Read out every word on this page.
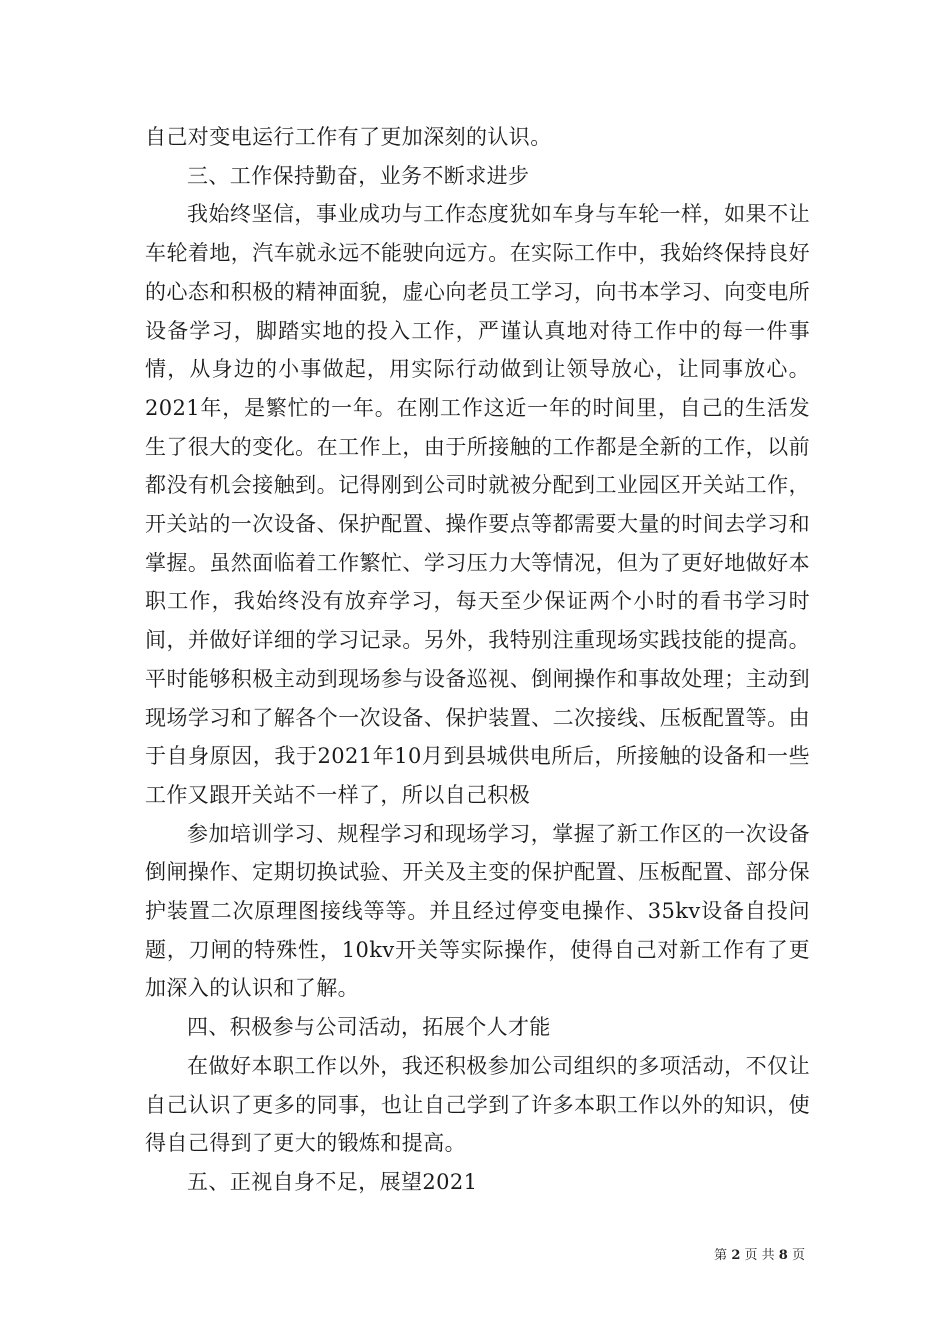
自己对变电运行工作有了更加深刻的认识。

三、工作保持勤奋，业务不断求进步

我始终坚信，事业成功与工作态度犹如车身与车轮一样，如果不让车轮着地，汽车就永远不能驶向远方。在实际工作中，我始终保持良好的心态和积极的精神面貌，虚心向老员工学习，向书本学习、向变电所设备学习，脚踏实地的投入工作，严谨认真地对待工作中的每一件事情，从身边的小事做起，用实际行动做到让领导放心，让同事放心。2021年，是繁忙的一年。在刚工作这近一年的时间里，自己的生活发生了很大的变化。在工作上，由于所接触的工作都是全新的工作，以前都没有机会接触到。记得刚到公司时就被分配到工业园区开关站工作，开关站的一次设备、保护配置、操作要点等都需要大量的时间去学习和掌握。虽然面临着工作繁忙、学习压力大等情况，但为了更好地做好本职工作，我始终没有放弃学习，每天至少保证两个小时的看书学习时间，并做好详细的学习记录。另外，我特别注重现场实践技能的提高。平时能够积极主动到现场参与设备巡视、倒闸操作和事故处理；主动到现场学习和了解各个一次设备、保护装置、二次接线、压板配置等。由于自身原因，我于2021年10月到县城供电所后，所接触的设备和一些工作又跟开关站不一样了，所以自己积极

参加培训学习、规程学习和现场学习，掌握了新工作区的一次设备倒闸操作、定期切换试验、开关及主变的保护配置、压板配置、部分保护装置二次原理图接线等等。并且经过停变电操作、35kv设备自投问题，刀闸的特殊性，10kv开关等实际操作，使得自己对新工作有了更加深入的认识和了解。

四、积极参与公司活动，拓展个人才能

在做好本职工作以外，我还积极参加公司组织的多项活动，不仅让自己认识了更多的同事，也让自己学到了许多本职工作以外的知识，使得自己得到了更大的锻炼和提高。

五、正视自身不足，展望2021

第 2 页 共 8 页
